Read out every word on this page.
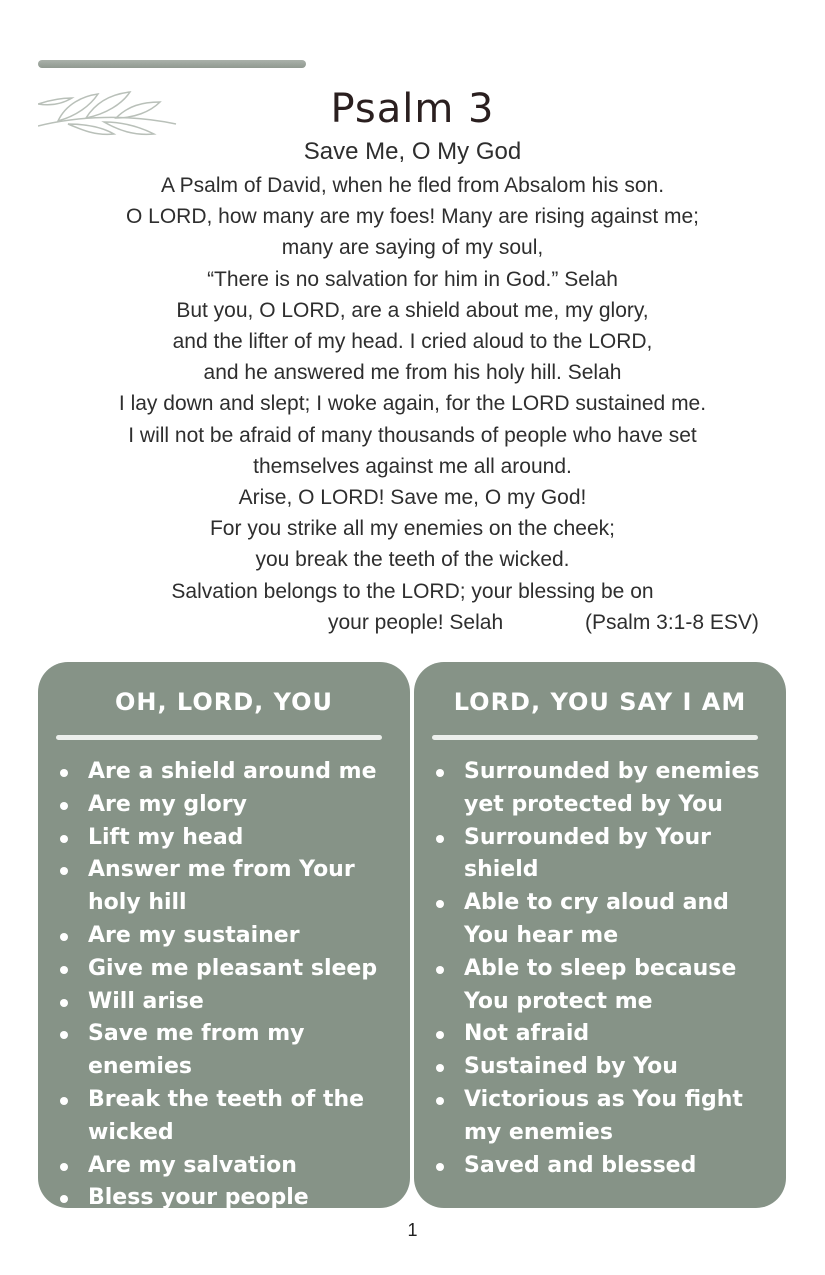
Psalm 3
Save Me, O My God
A Psalm of David, when he fled from Absalom his son.
O LORD, how many are my foes! Many are rising against me;
many are saying of my soul,
“There is no salvation for him in God.” Selah
But you, O LORD, are a shield about me, my glory,
and the lifter of my head. I cried aloud to the LORD,
and he answered me from his holy hill. Selah
I lay down and slept; I woke again, for the LORD sustained me.
I will not be afraid of many thousands of people who have set
themselves against me all around.
Arise, O LORD! Save me, O my God!
For you strike all my enemies on the cheek;
you break the teeth of the wicked.
Salvation belongs to the LORD; your blessing be on
your people! Selah	(Psalm 3:1-8 ESV)
OH, LORD, YOU
Are a shield around me
Are my glory
Lift my head
Answer me from Your holy hill
Are my sustainer
Give me pleasant sleep
Will arise
Save me from my enemies
Break the teeth of the wicked
Are my salvation
Bless your people
LORD, YOU SAY I AM
Surrounded by enemies yet protected by You
Surrounded by Your shield
Able to cry aloud and You hear me
Able to sleep because You protect me
Not afraid
Sustained by You
Victorious as You fight my enemies
Saved and blessed
1
